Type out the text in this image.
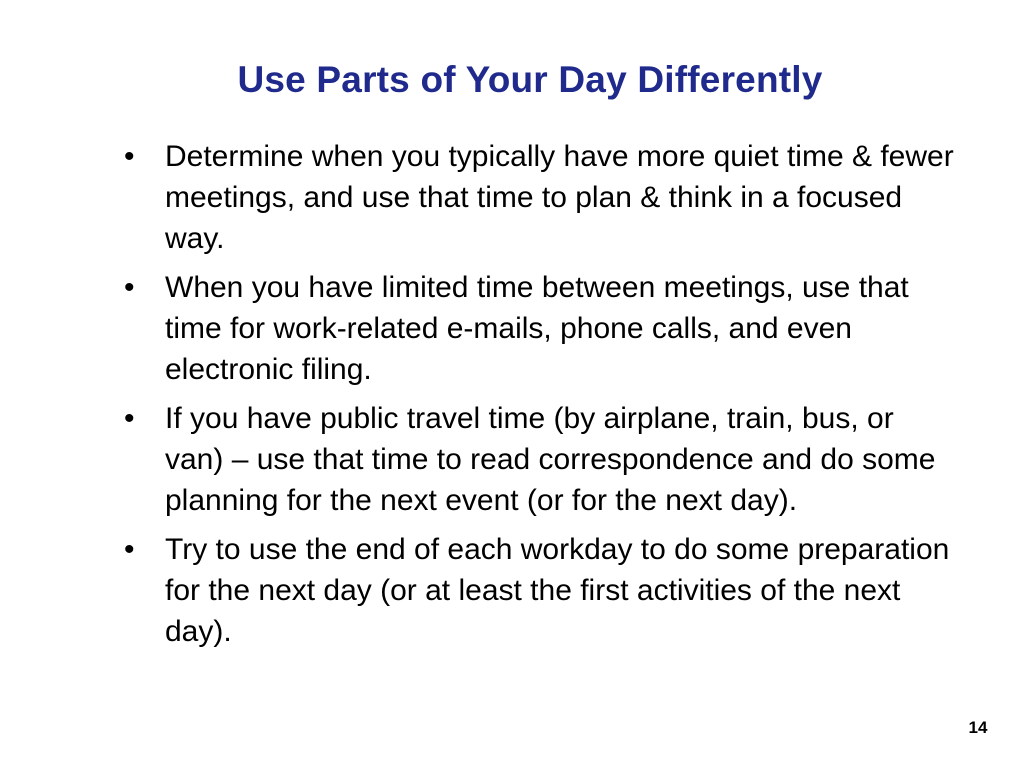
Use Parts of Your Day Differently
•	Determine when you typically have more quiet time & fewer meetings, and use that time to plan & think in a focused way.
•	When you have limited time between meetings, use that time for work-related e-mails, phone calls, and even electronic filing.
•	If you have public travel time (by airplane, train, bus, or van) – use that time to read correspondence and do some planning for the next event (or for the next day).
•	Try to use the end of each workday to do some preparation for the next day (or at least the first activities of the next day).
14
